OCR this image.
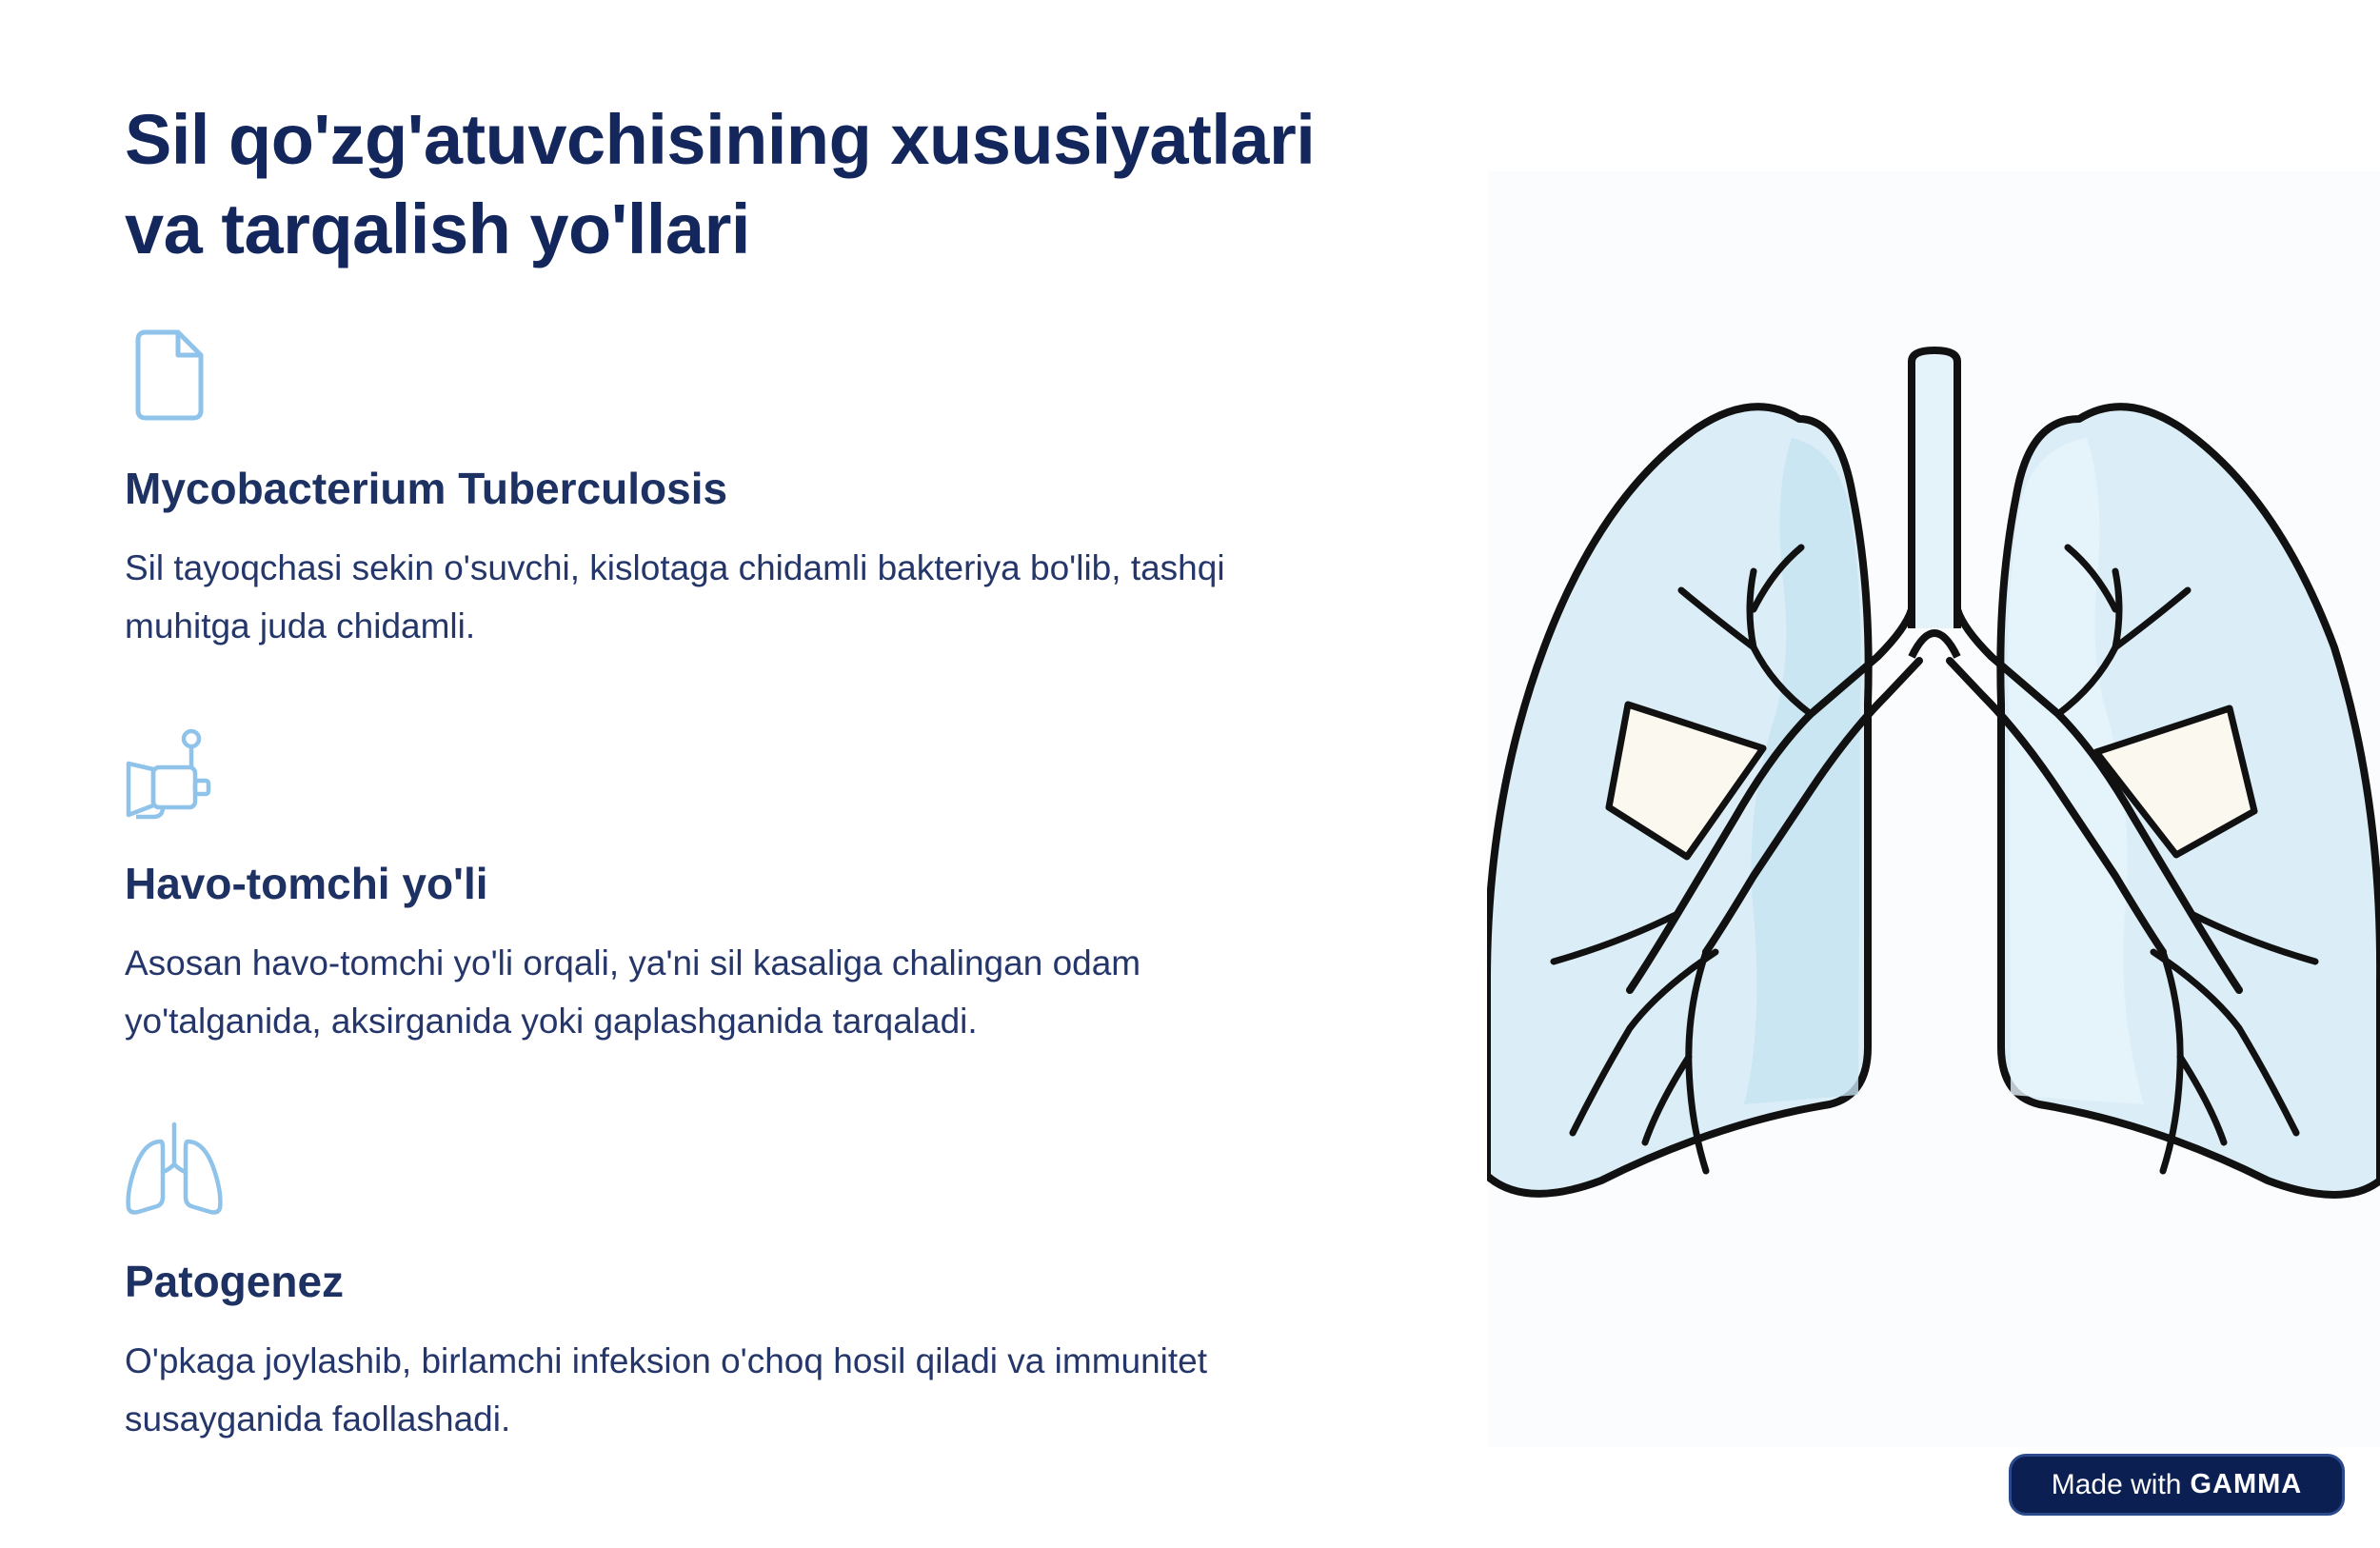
Sil qo'zg'atuvchisining xususiyatlari
va tarqalish yo'llari
Mycobacterium Tuberculosis

Sil tayoqchasi sekin o'suvchi, kislotaga chidamli bakteriya bo'lib, tashqi muhitga juda chidamli.

Havo-tomchi yo'li

Asosan havo-tomchi yo'li orqali, ya'ni sil kasaliga chalingan odam yo'talganida, aksirganida yoki gaplashganida tarqaladi.

Patogenez

O'pkaga joylashib, birlamchi infeksion o'choq hosil qiladi va immunitet susayganida faollashadi.

Made with GAMMA
